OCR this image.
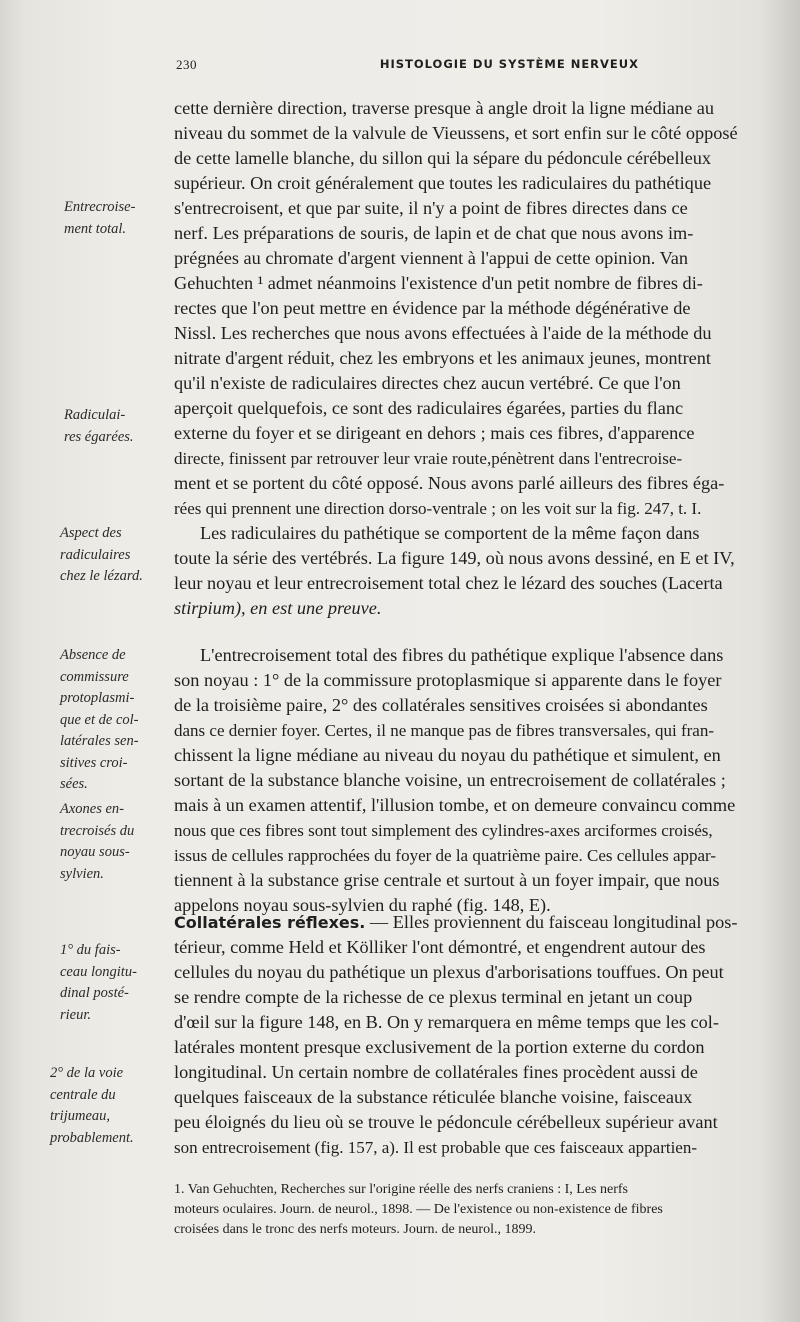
230	HISTOLOGIE DU SYSTÈME NERVEUX
Entrecroise-
ment total.
Radiculai-
res égarées.
Aspect des
radiculaires
chez le lézard.
Absence de
commissure
protoplasmi-
que et de col-
latérales sen-
sitives croi-
sées.
Axones en-
trecroisés du
noyau sous-
sylvien.
1° du fais-
ceau longitu-
dinal posté-
rieur.
2° de la voie
centrale du
trijumeau,
probablement.
cette dernière direction, traverse presque à angle droit la ligne médiane au
niveau du sommet de la valvule de Vieussens, et sort enfin sur le côté opposé
de cette lamelle blanche, du sillon qui la sépare du pédoncule cérébelleux
supérieur. On croit généralement que toutes les radiculaires du pathétique
s'entrecroisent, et que par suite, il n'y a point de fibres directes dans ce
nerf. Les préparations de souris, de lapin et de chat que nous avons im-
prégnées au chromate d'argent viennent à l'appui de cette opinion. Van
Gehuchten ¹ admet néanmoins l'existence d'un petit nombre de fibres di-
rectes que l'on peut mettre en évidence par la méthode dégénérative de
Nissl. Les recherches que nous avons effectuées à l'aide de la méthode du
nitrate d'argent réduit, chez les embryons et les animaux jeunes, montrent
qu'il n'existe de radiculaires directes chez aucun vertébré. Ce que l'on
aperçoit quelquefois, ce sont des radiculaires égarées, parties du flanc
externe du foyer et se dirigeant en dehors ; mais ces fibres, d'apparence
directe, finissent par retrouver leur vraie route,pénètrent dans l'entrecroise-
ment et se portent du côté opposé. Nous avons parlé ailleurs des fibres éga-
rées qui prennent une direction dorso-ventrale ; on les voit sur la fig. 247, t. I.
Les radiculaires du pathétique se comportent de la même façon dans
toute la série des vertébrés. La figure 149, où nous avons dessiné, en E et IV,
leur noyau et leur entrecroisement total chez le lézard des souches (Lacerta
stirpium), en est une preuve.
L'entrecroisement total des fibres du pathétique explique l'absence dans
son noyau : 1° de la commissure protoplasmique si apparente dans le foyer
de la troisième paire, 2° des collatérales sensitives croisées si abondantes
dans ce dernier foyer. Certes, il ne manque pas de fibres transversales, qui fran-
chissent la ligne médiane au niveau du noyau du pathétique et simulent, en
sortant de la substance blanche voisine, un entrecroisement de collatérales ;
mais à un examen attentif, l'illusion tombe, et on demeure convaincu comme
nous que ces fibres sont tout simplement des cylindres-axes arciformes croisés,
issus de cellules rapprochées du foyer de la quatrième paire. Ces cellules appar-
tiennent à la substance grise centrale et surtout à un foyer impair, que nous
appelons noyau sous-sylvien du raphé (fig. 148, E).
Collatérales réflexes. — Elles proviennent du faisceau longitudinal pos-
térieur, comme Held et Kölliker l'ont démontré, et engendrent autour des
cellules du noyau du pathétique un plexus d'arborisations touffues. On peut
se rendre compte de la richesse de ce plexus terminal en jetant un coup
d'œil sur la figure 148, en B. On y remarquera en même temps que les col-
latérales montent presque exclusivement de la portion externe du cordon
longitudinal. Un certain nombre de collatérales fines procèdent aussi de
quelques faisceaux de la substance réticulée blanche voisine, faisceaux
peu éloignés du lieu où se trouve le pédoncule cérébelleux supérieur avant
son entrecroisement (fig. 157, a). Il est probable que ces faisceaux appartien-
1. Van Gehuchten, Recherches sur l'origine réelle des nerfs craniens : I, Les nerfs
moteurs oculaires. Journ. de neurol., 1898. — De l'existence ou non-existence de fibres
croisées dans le tronc des nerfs moteurs. Journ. de neurol., 1899.
